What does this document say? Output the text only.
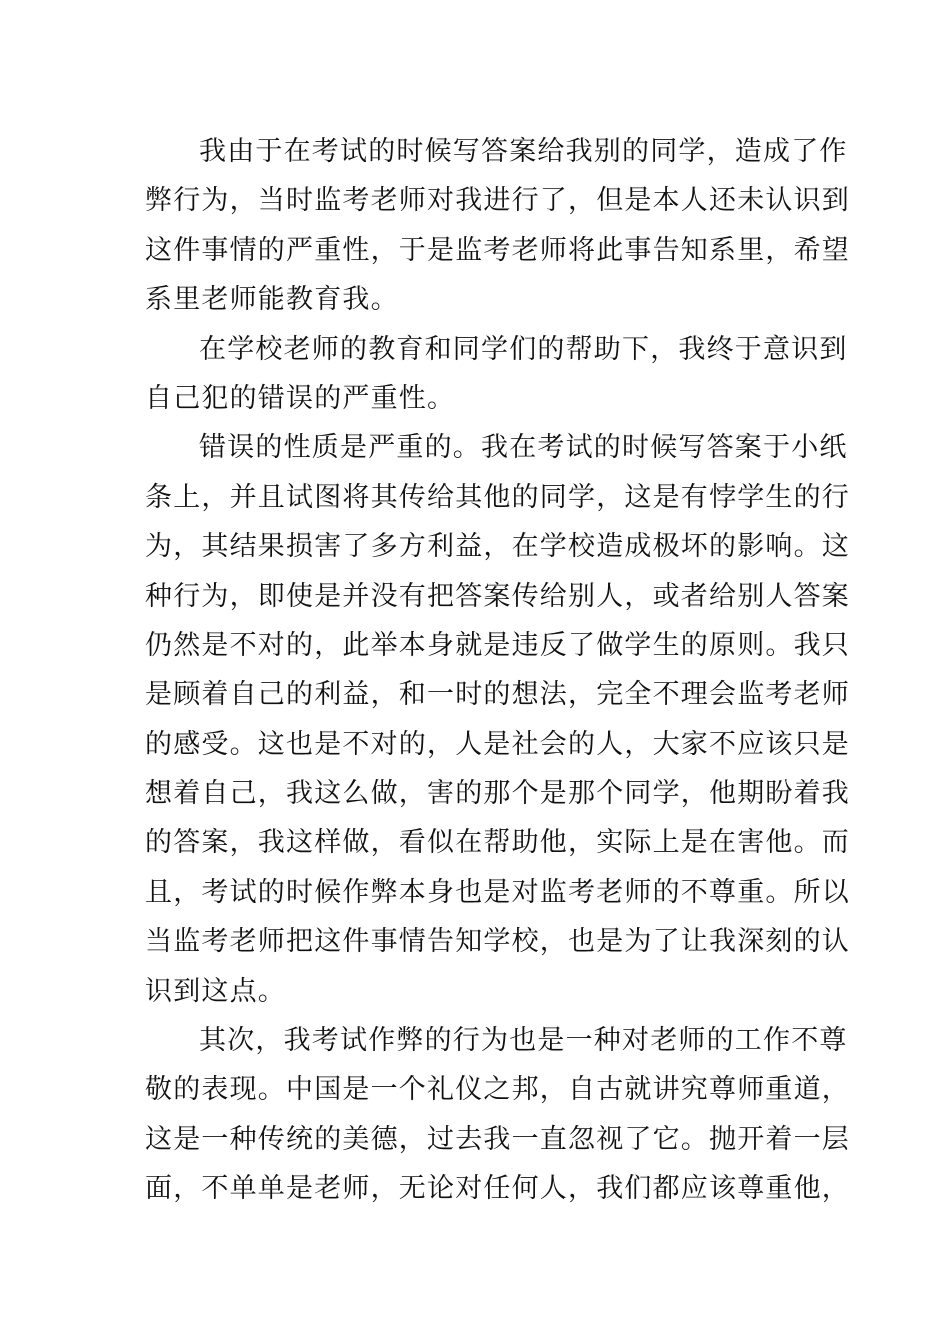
我由于在考试的时候写答案给我别的同学，造成了作
弊行为，当时监考老师对我进行了，但是本人还未认识到
这件事情的严重性，于是监考老师将此事告知系里，希望
系里老师能教育我。
在学校老师的教育和同学们的帮助下，我终于意识到
自己犯的错误的严重性。
错误的性质是严重的。我在考试的时候写答案于小纸
条上，并且试图将其传给其他的同学，这是有悖学生的行
为，其结果损害了多方利益，在学校造成极坏的影响。这
种行为，即使是并没有把答案传给别人，或者给别人答案
仍然是不对的，此举本身就是违反了做学生的原则。我只
是顾着自己的利益，和一时的想法，完全不理会监考老师
的感受。这也是不对的，人是社会的人，大家不应该只是
想着自己，我这么做，害的那个是那个同学，他期盼着我
的答案，我这样做，看似在帮助他，实际上是在害他。而
且，考试的时候作弊本身也是对监考老师的不尊重。所以
当监考老师把这件事情告知学校，也是为了让我深刻的认
识到这点。
其次，我考试作弊的行为也是一种对老师的工作不尊
敬的表现。中国是一个礼仪之邦，自古就讲究尊师重道，
这是一种传统的美德，过去我一直忽视了它。抛开着一层
面，不单单是老师，无论对任何人，我们都应该尊重他，
